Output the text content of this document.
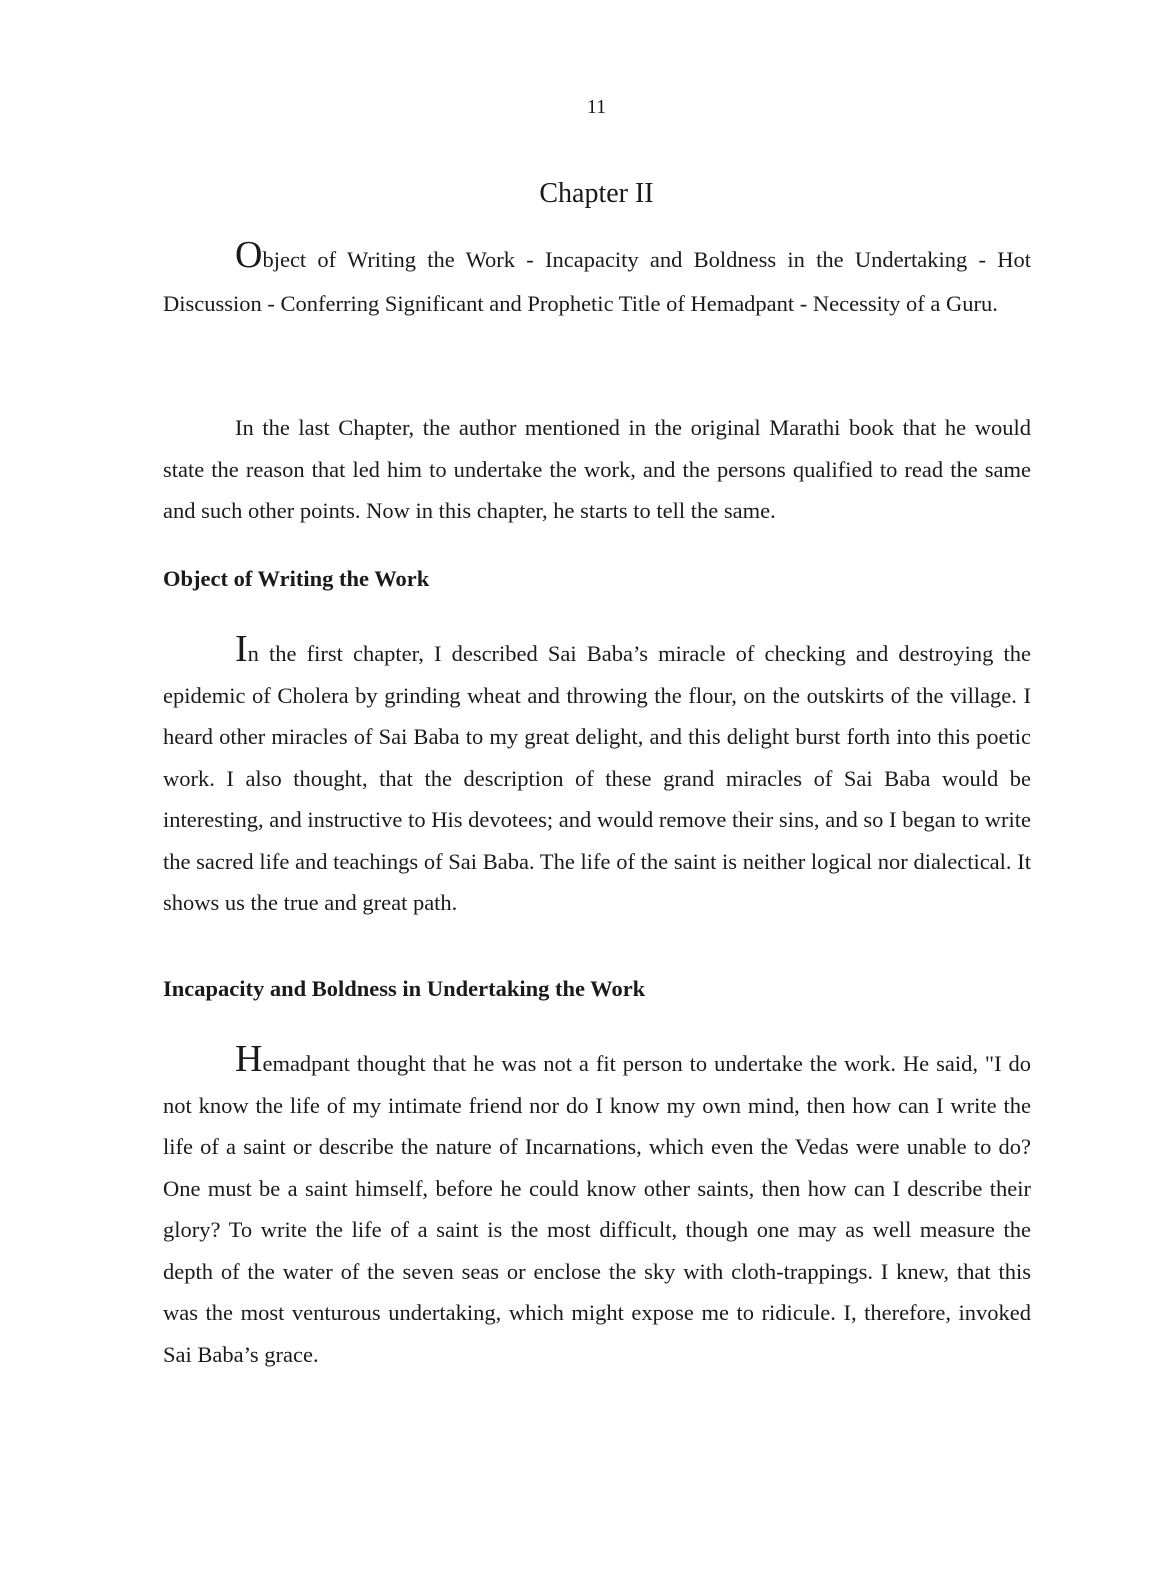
11
Chapter II

Object of Writing the Work - Incapacity and Boldness in the Undertaking - Hot Discussion - Conferring Significant and Prophetic Title of Hemadpant - Necessity of a Guru.

In the last Chapter, the author mentioned in the original Marathi book that he would state the reason that led him to undertake the work, and the persons qualified to read the same and such other points. Now in this chapter, he starts to tell the same.

Object of Writing the Work

In the first chapter, I described Sai Baba’s miracle of checking and destroying the epidemic of Cholera by grinding wheat and throwing the flour, on the outskirts of the village. I heard other miracles of Sai Baba to my great delight, and this delight burst forth into this poetic work. I also thought, that the description of these grand miracles of Sai Baba would be interesting, and instructive to His devotees; and would remove their sins, and so I began to write the sacred life and teachings of Sai Baba. The life of the saint is neither logical nor dialectical. It shows us the true and great path.

Incapacity and Boldness in Undertaking the Work

Hemadpant thought that he was not a fit person to undertake the work. He said, "I do not know the life of my intimate friend nor do I know my own mind, then how can I write the life of a saint or describe the nature of Incarnations, which even the Vedas were unable to do? One must be a saint himself, before he could know other saints, then how can I describe their glory? To write the life of a saint is the most difficult, though one may as well measure the depth of the water of the seven seas or enclose the sky with cloth-trappings. I knew, that this was the most venturous undertaking, which might expose me to ridicule. I, therefore, invoked Sai Baba’s grace.
